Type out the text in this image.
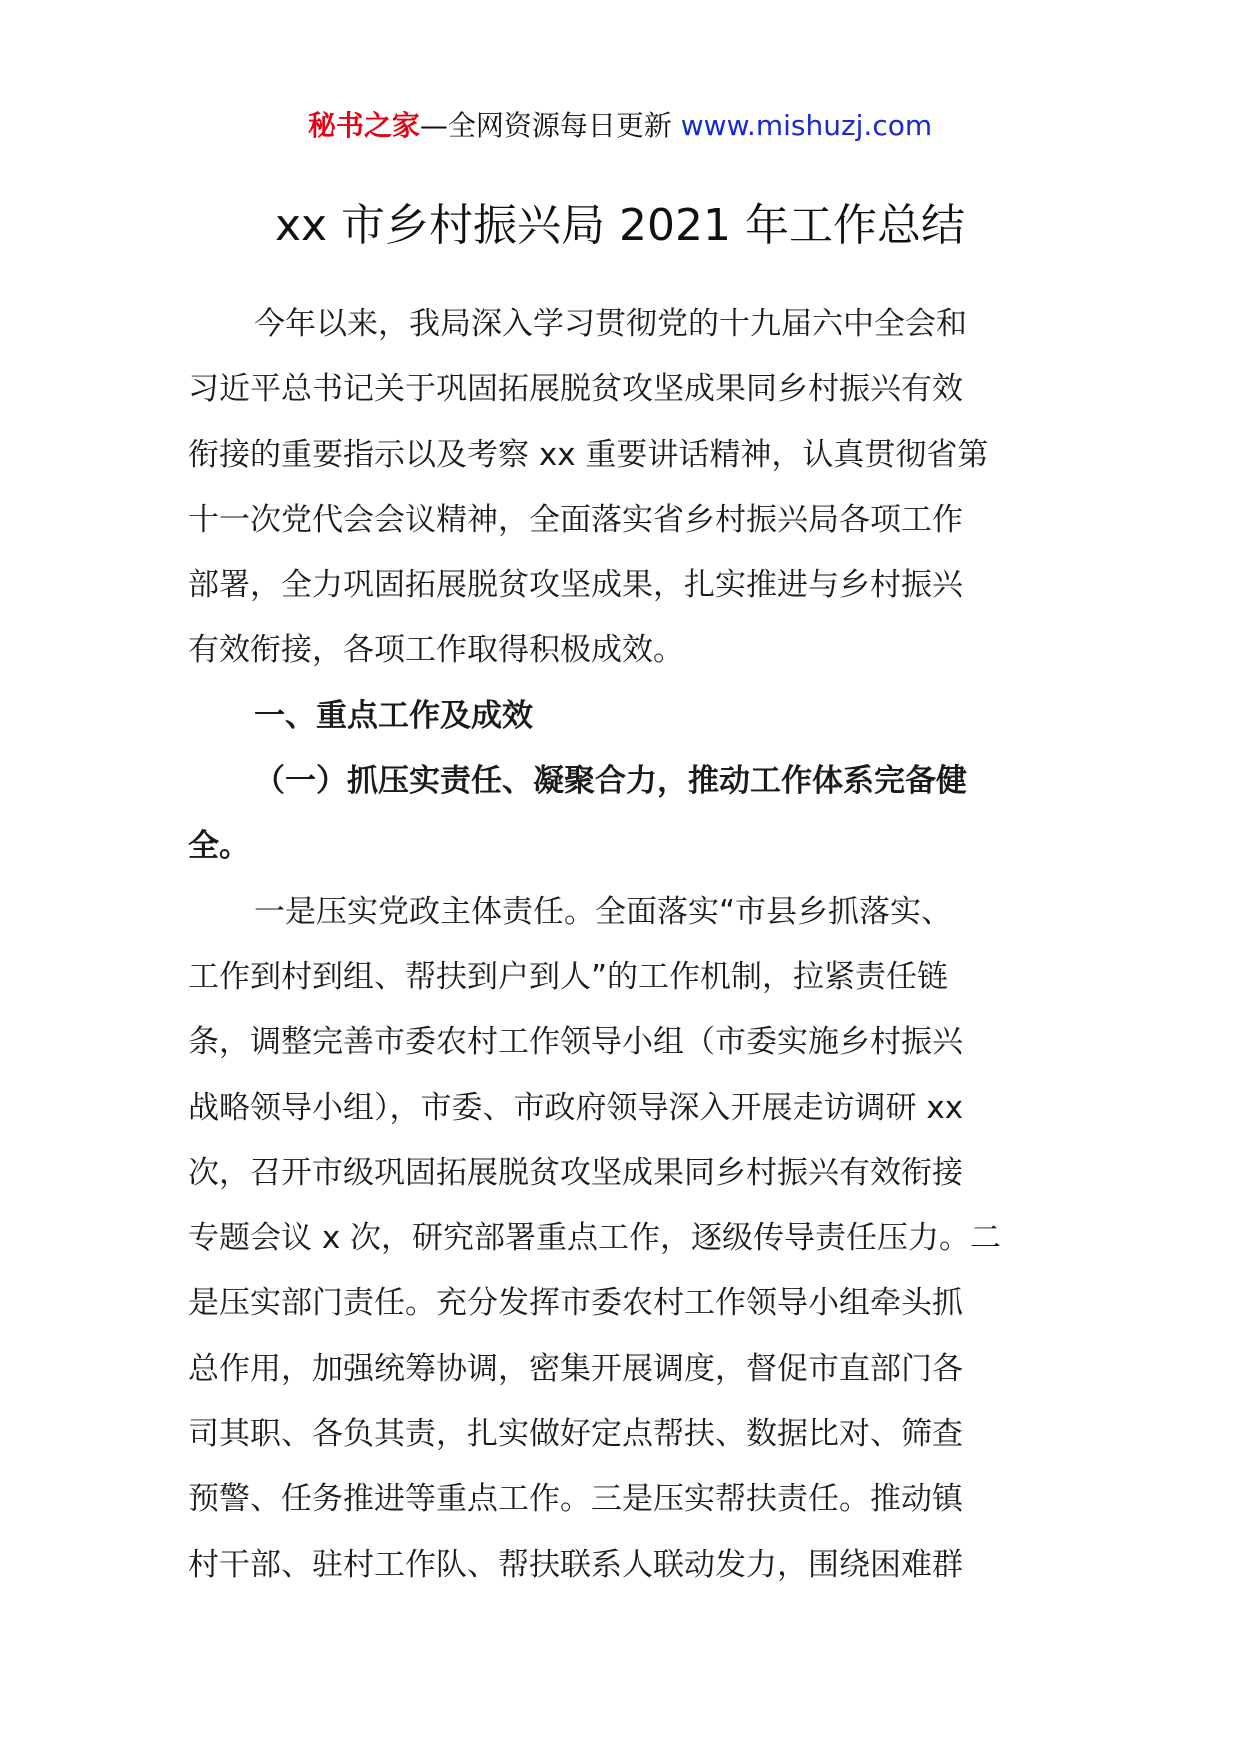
秘书之家—全网资源每日更新 www.mishuzj.com
xx 市乡村振兴局 2021 年工作总结

今年以来，我局深入学习贯彻党的十九届六中全会和

习近平总书记关于巩固拓展脱贫攻坚成果同乡村振兴有效

衔接的重要指示以及考察 xx 重要讲话精神，认真贯彻省第

十一次党代会会议精神，全面落实省乡村振兴局各项工作

部署，全力巩固拓展脱贫攻坚成果，扎实推进与乡村振兴

有效衔接，各项工作取得积极成效。

一、重点工作及成效

（一）抓压实责任、凝聚合力，推动工作体系完备健

全。

一是压实党政主体责任。全面落实“市县乡抓落实、

工作到村到组、帮扶到户到人”的工作机制，拉紧责任链

条，调整完善市委农村工作领导小组（市委实施乡村振兴

战略领导小组），市委、市政府领导深入开展走访调研 xx

次，召开市级巩固拓展脱贫攻坚成果同乡村振兴有效衔接

专题会议 x 次，研究部署重点工作，逐级传导责任压力。二

是压实部门责任。充分发挥市委农村工作领导小组牵头抓

总作用，加强统筹协调，密集开展调度，督促市直部门各

司其职、各负其责，扎实做好定点帮扶、数据比对、筛查

预警、任务推进等重点工作。三是压实帮扶责任。推动镇

村干部、驻村工作队、帮扶联系人联动发力，围绕困难群
